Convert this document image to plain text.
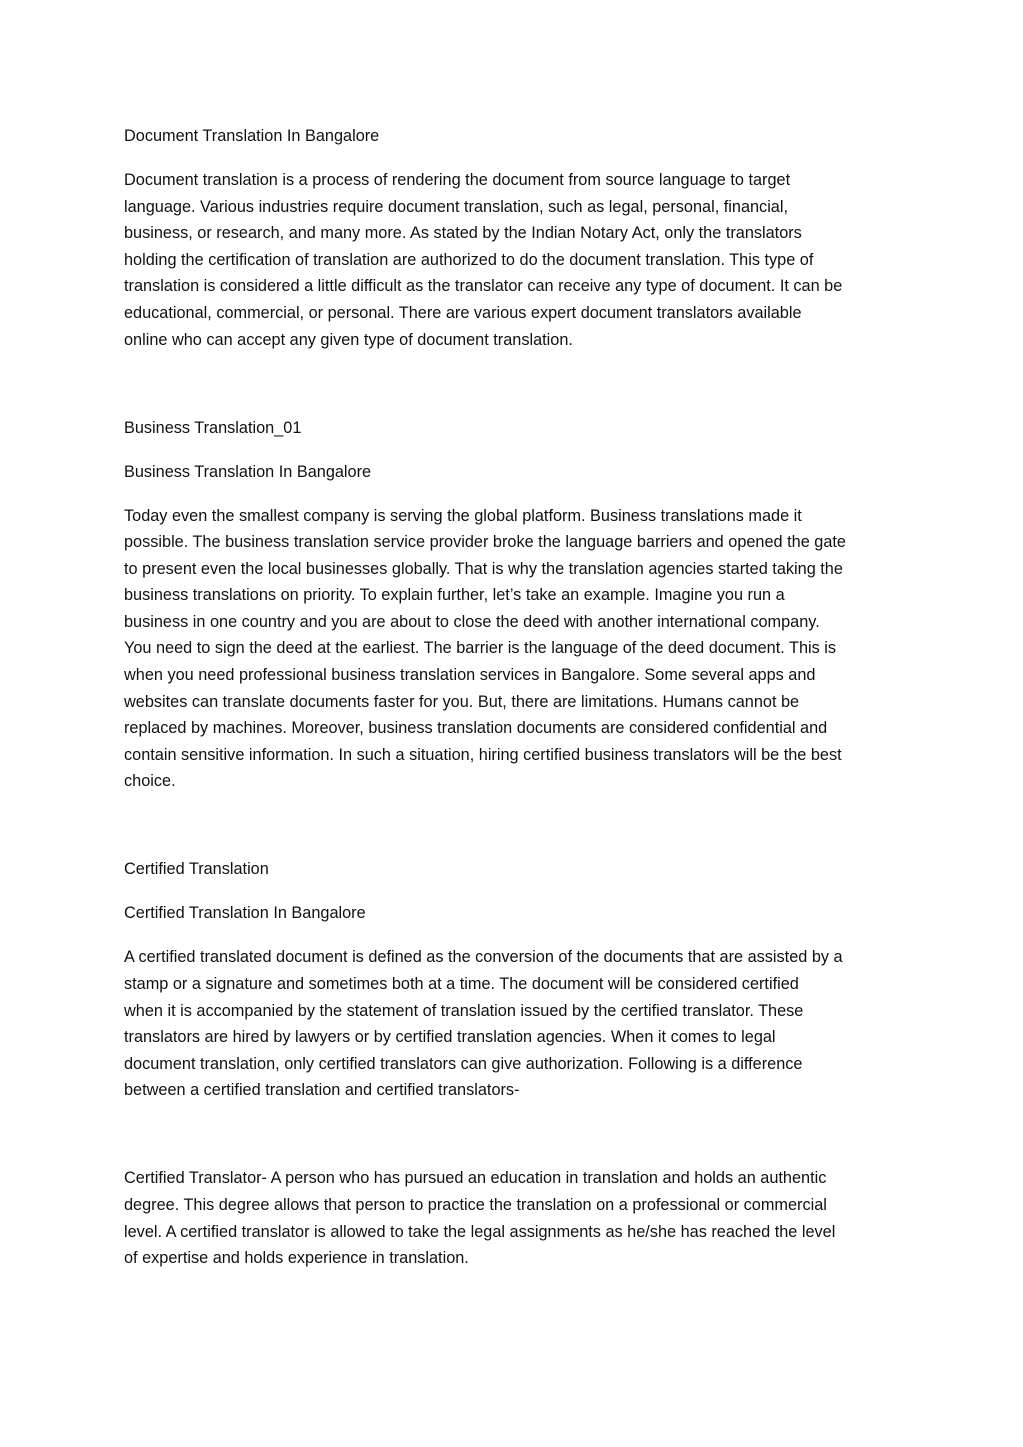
Document Translation In Bangalore

Document translation is a process of rendering the document from source language to target
language. Various industries require document translation, such as legal, personal, financial,
business, or research, and many more. As stated by the Indian Notary Act, only the translators
holding the certification of translation are authorized to do the document translation. This type of
translation is considered a little difficult as the translator can receive any type of document. It can be
educational, commercial, or personal. There are various expert document translators available
online who can accept any given type of document translation.

Business Translation_01

Business Translation In Bangalore

Today even the smallest company is serving the global platform. Business translations made it
possible. The business translation service provider broke the language barriers and opened the gate
to present even the local businesses globally. That is why the translation agencies started taking the
business translations on priority. To explain further, let’s take an example. Imagine you run a
business in one country and you are about to close the deed with another international company.
You need to sign the deed at the earliest. The barrier is the language of the deed document. This is
when you need professional business translation services in Bangalore. Some several apps and
websites can translate documents faster for you. But, there are limitations. Humans cannot be
replaced by machines. Moreover, business translation documents are considered confidential and
contain sensitive information. In such a situation, hiring certified business translators will be the best
choice.

Certified Translation

Certified Translation In Bangalore

A certified translated document is defined as the conversion of the documents that are assisted by a
stamp or a signature and sometimes both at a time. The document will be considered certified
when it is accompanied by the statement of translation issued by the certified translator. These
translators are hired by lawyers or by certified translation agencies. When it comes to legal
document translation, only certified translators can give authorization. Following is a difference
between a certified translation and certified translators-

Certified Translator- A person who has pursued an education in translation and holds an authentic
degree. This degree allows that person to practice the translation on a professional or commercial
level. A certified translator is allowed to take the legal assignments as he/she has reached the level
of expertise and holds experience in translation.
